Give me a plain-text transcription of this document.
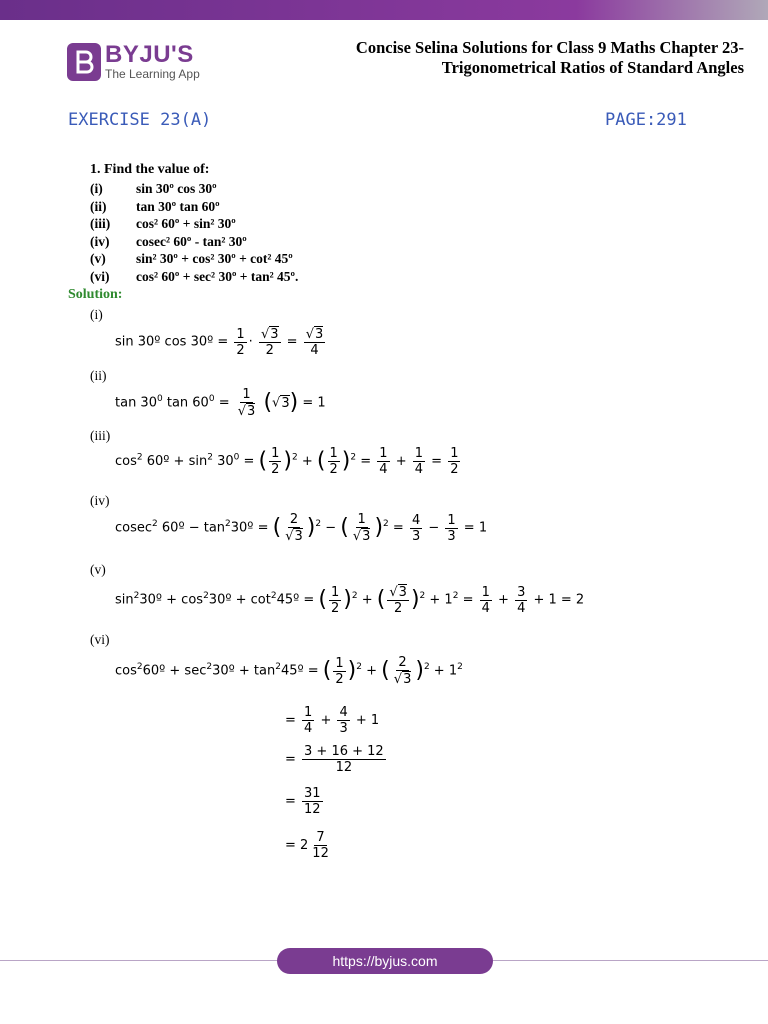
BYJU'S
The Learning App
Concise Selina Solutions for Class 9 Maths Chapter 23-
Trigonometrical Ratios of Standard Angles
EXERCISE 23(A)	PAGE:291
1. Find the value of:
(i)	sin 30º cos 30º
(ii)	tan 30º tan 60º
(iii)	cos² 60º + sin² 30º
(iv)	cosec² 60º - tan² 30º
(v)	sin² 30º + cos² 30º + cot² 45º
(vi)	cos² 60º + sec² 30º + tan² 45º.
Solution:
(i)
sin 30º cos 30º = $\frac{1}{2} \cdot \frac{√3}{2} = \frac{√3}{4}$
(ii)
$\tan 30^0$ $\tan 60^0 = \frac{1}{√3} (√3) = 1$
(iii)
$\cos^2$ 60º + $\sin^2 30^0$ = ( $\frac{1}{2} )^2$ + ( $\frac{1}{2} )^2 = \frac{1}{4} + \frac{1}{4} = \frac{1}{2}$
(iv)
cosec$^2$ 60º − $\tan^230º$ = ( $\frac{2}{√3} )^2$ − ( $\frac{1}{√3} )^2 = \frac{4}{3} - \frac{1}{3} = 1$
(v)
$\sin^230º$ + $\cos^230º$ + $\cot^245º$ = ( $\frac{1}{2} )^2$ + ( $\frac{√3}{2} )^2 + 1^2 = \frac{1}{4} + \frac{3}{4} + 1 = 2$
(vi)
$\cos^260º$ + $\sec^230º$ + $\tan^245º$ = ( $\frac{1}{2} )^2$ + ( $\frac{2}{√3} )^2 + 1^2$
= $\frac{1}{4} + \frac{4}{3} + 1$
= $\frac{3 + 16 + 12}{12}$
= $\frac{31}{12}$
= $2 \frac{7}{12}$
https://byjus.com
